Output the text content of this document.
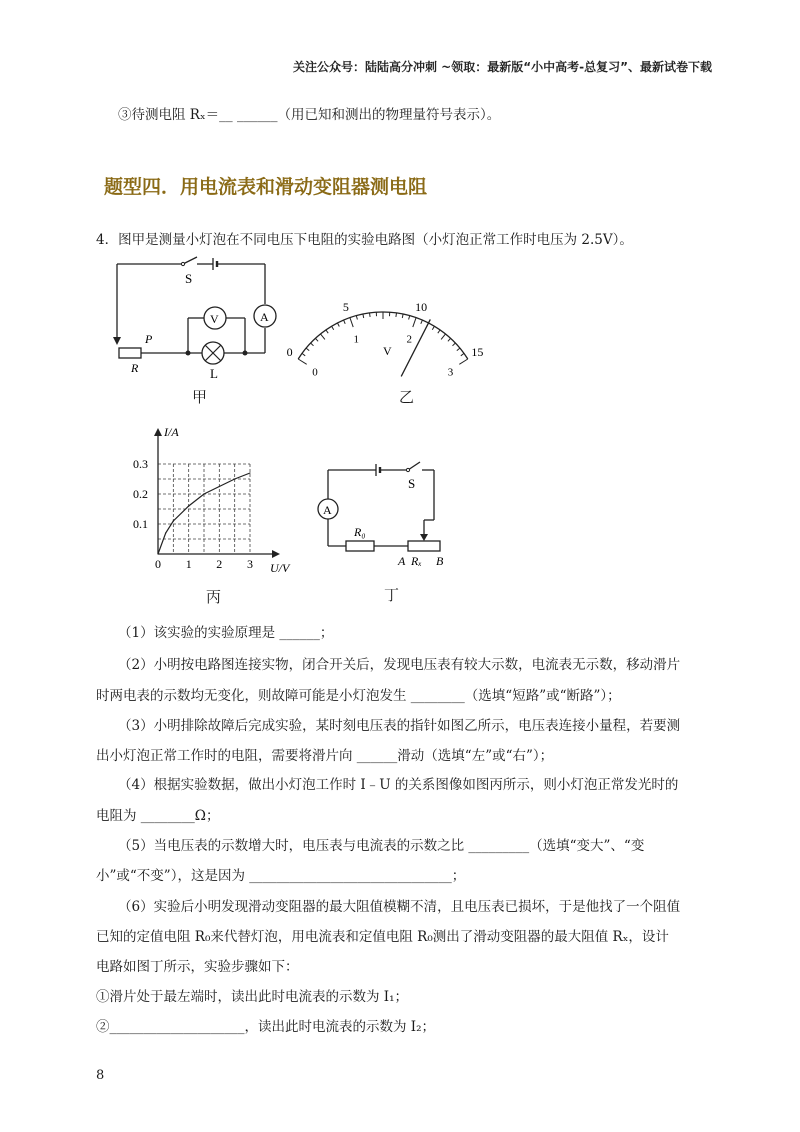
关注公众号：陆陆高分冲刺 ~领取：最新版“小中高考-总复习”、最新试卷下载
③待测电阻 Rₓ＝__ ______（用已知和测出的物理量符号表示）。
题型四．用电流表和滑动变阻器测电阻
4．图甲是测量小灯泡在不同电压下电阻的实验电路图（小灯泡正常工作时电压为 2.5V）。
S
A
V
P
R	L
甲
0
5	10
15
0
1	2
3
V
乙
I/A
U/V
0 1 2 3
0.1
0.2
0.3
丙
S
A
R₀
A Rₓ B
丁
（1）该实验的实验原理是 ______；
（2）小明按电路图连接实物，闭合开关后，发现电压表有较大示数，电流表无示数，移动滑片
时两电表的示数均无变化，则故障可能是小灯泡发生 ________（选填“短路”或“断路”）；
（3）小明排除故障后完成实验，某时刻电压表的指针如图乙所示，电压表连接小量程，若要测
出小灯泡正常工作时的电阻，需要将滑片向 ______滑动（选填“左”或“右”）；
（4）根据实验数据，做出小灯泡工作时 I﹣U 的关系图像如图丙所示，则小灯泡正常发光时的
电阻为 ________Ω；
（5）当电压表的示数增大时，电压表与电流表的示数之比 _________（选填“变大”、“变
小”或“不变”），这是因为 ______________________________；
（6）实验后小明发现滑动变阻器的最大阻值模糊不清，且电压表已损坏，于是他找了一个阻值
已知的定值电阻 R₀来代替灯泡，用电流表和定值电阻 R₀测出了滑动变阻器的最大阻值 Rₓ，设计
电路如图丁所示，实验步骤如下：
①滑片处于最左端时，读出此时电流表的示数为 I₁；
②____________________，读出此时电流表的示数为 I₂；
8
